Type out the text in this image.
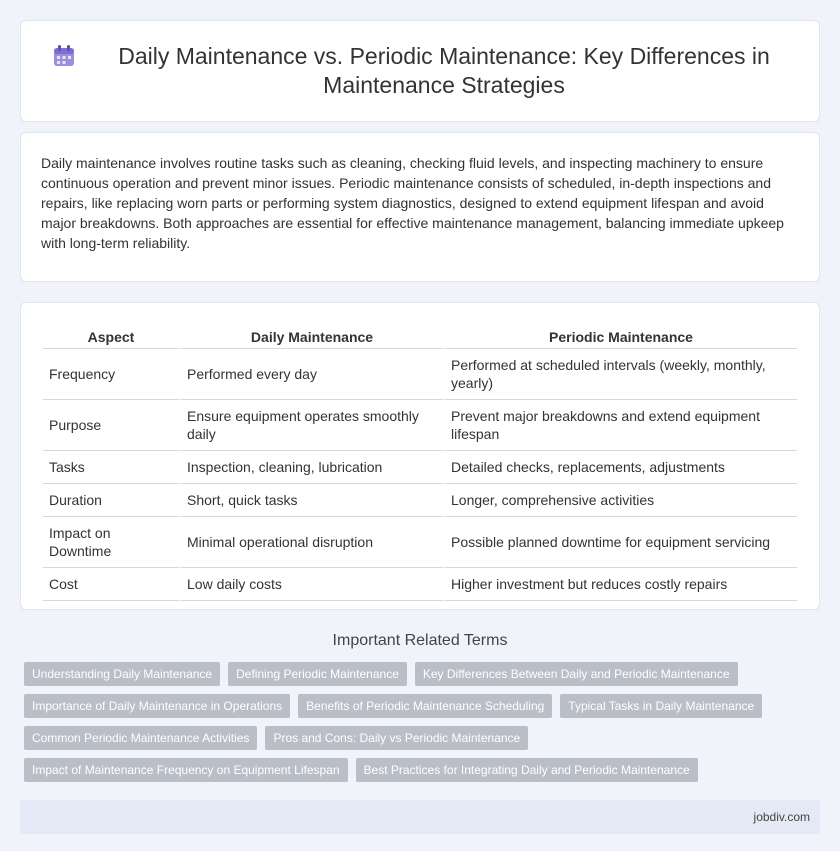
Daily Maintenance vs. Periodic Maintenance: Key Differences in Maintenance Strategies

Daily maintenance involves routine tasks such as cleaning, checking fluid levels, and inspecting machinery to ensure continuous operation and prevent minor issues. Periodic maintenance consists of scheduled, in-depth inspections and repairs, like replacing worn parts or performing system diagnostics, designed to extend equipment lifespan and avoid major breakdowns. Both approaches are essential for effective maintenance management, balancing immediate upkeep with long-term reliability.

Aspect	Daily Maintenance	Periodic Maintenance
Frequency	Performed every day	Performed at scheduled intervals (weekly, monthly, yearly)
Purpose	Ensure equipment operates smoothly daily	Prevent major breakdowns and extend equipment lifespan
Tasks	Inspection, cleaning, lubrication	Detailed checks, replacements, adjustments
Duration	Short, quick tasks	Longer, comprehensive activities
Impact on Downtime	Minimal operational disruption	Possible planned downtime for equipment servicing
Cost	Low daily costs	Higher investment but reduces costly repairs
Important Related Terms
Understanding Daily Maintenance	Defining Periodic Maintenance	Key Differences Between Daily and Periodic Maintenance
Importance of Daily Maintenance in Operations	Benefits of Periodic Maintenance Scheduling	Typical Tasks in Daily Maintenance
Common Periodic Maintenance Activities	Pros and Cons: Daily vs Periodic Maintenance
Impact of Maintenance Frequency on Equipment Lifespan	Best Practices for Integrating Daily and Periodic Maintenance
jobdiv.com
